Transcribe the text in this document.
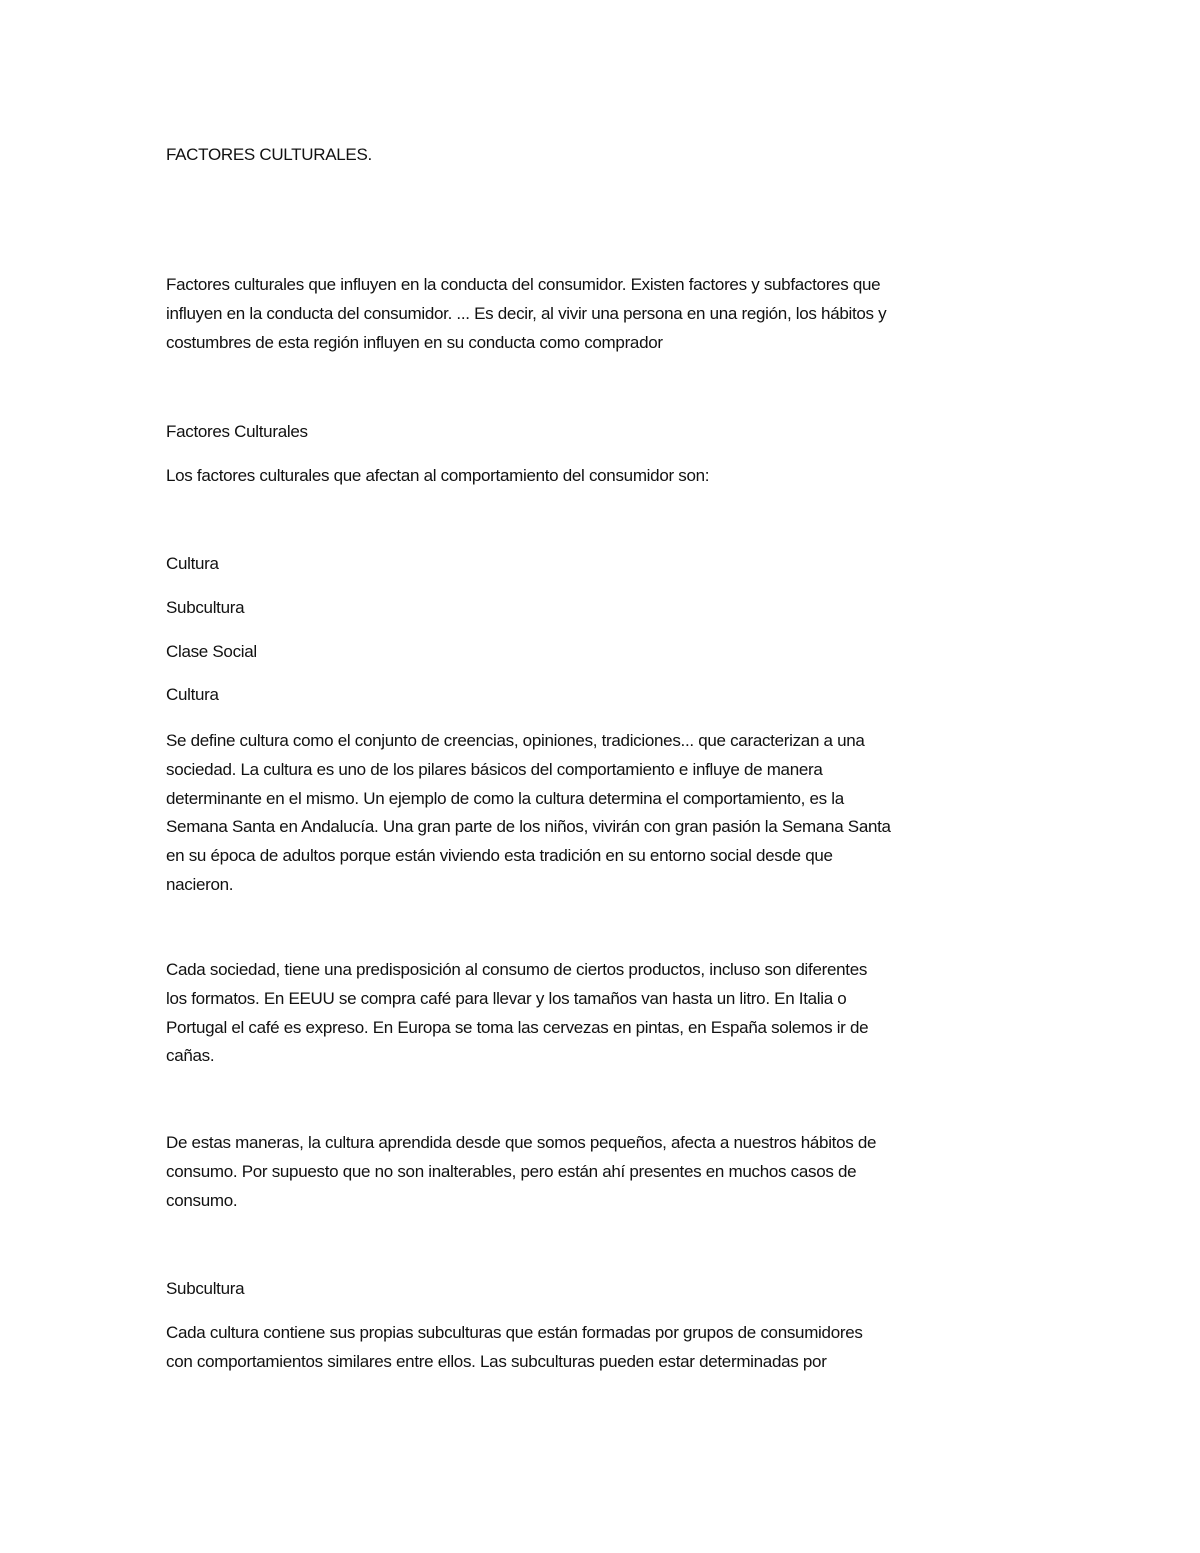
FACTORES CULTURALES.
Factores culturales que influyen en la conducta del consumidor. Existen factores y subfactores que
influyen en la conducta del consumidor. ... Es decir, al vivir una persona en una región, los hábitos y
costumbres de esta región influyen en su conducta como comprador
Factores Culturales
Los factores culturales que afectan al comportamiento del consumidor son:
Cultura
Subcultura
Clase Social
Cultura
Se define cultura como el conjunto de creencias, opiniones, tradiciones... que caracterizan a una
sociedad. La cultura es uno de los pilares básicos del comportamiento e influye de manera
determinante en el mismo. Un ejemplo de como la cultura determina el comportamiento, es la
Semana Santa en Andalucía. Una gran parte de los niños, vivirán con gran pasión la Semana Santa
en su época de adultos porque están viviendo esta tradición en su entorno social desde que
nacieron.
Cada sociedad, tiene una predisposición al consumo de ciertos productos, incluso son diferentes
los formatos. En EEUU se compra café para llevar y los tamaños van hasta un litro. En Italia o
Portugal el café es expreso. En Europa se toma las cervezas en pintas, en España solemos ir de
cañas.
De estas maneras, la cultura aprendida desde que somos pequeños, afecta a nuestros hábitos de
consumo. Por supuesto que no son inalterables, pero están ahí presentes en muchos casos de
consumo.
Subcultura
Cada cultura contiene sus propias subculturas que están formadas por grupos de consumidores
con comportamientos similares entre ellos. Las subculturas pueden estar determinadas por
